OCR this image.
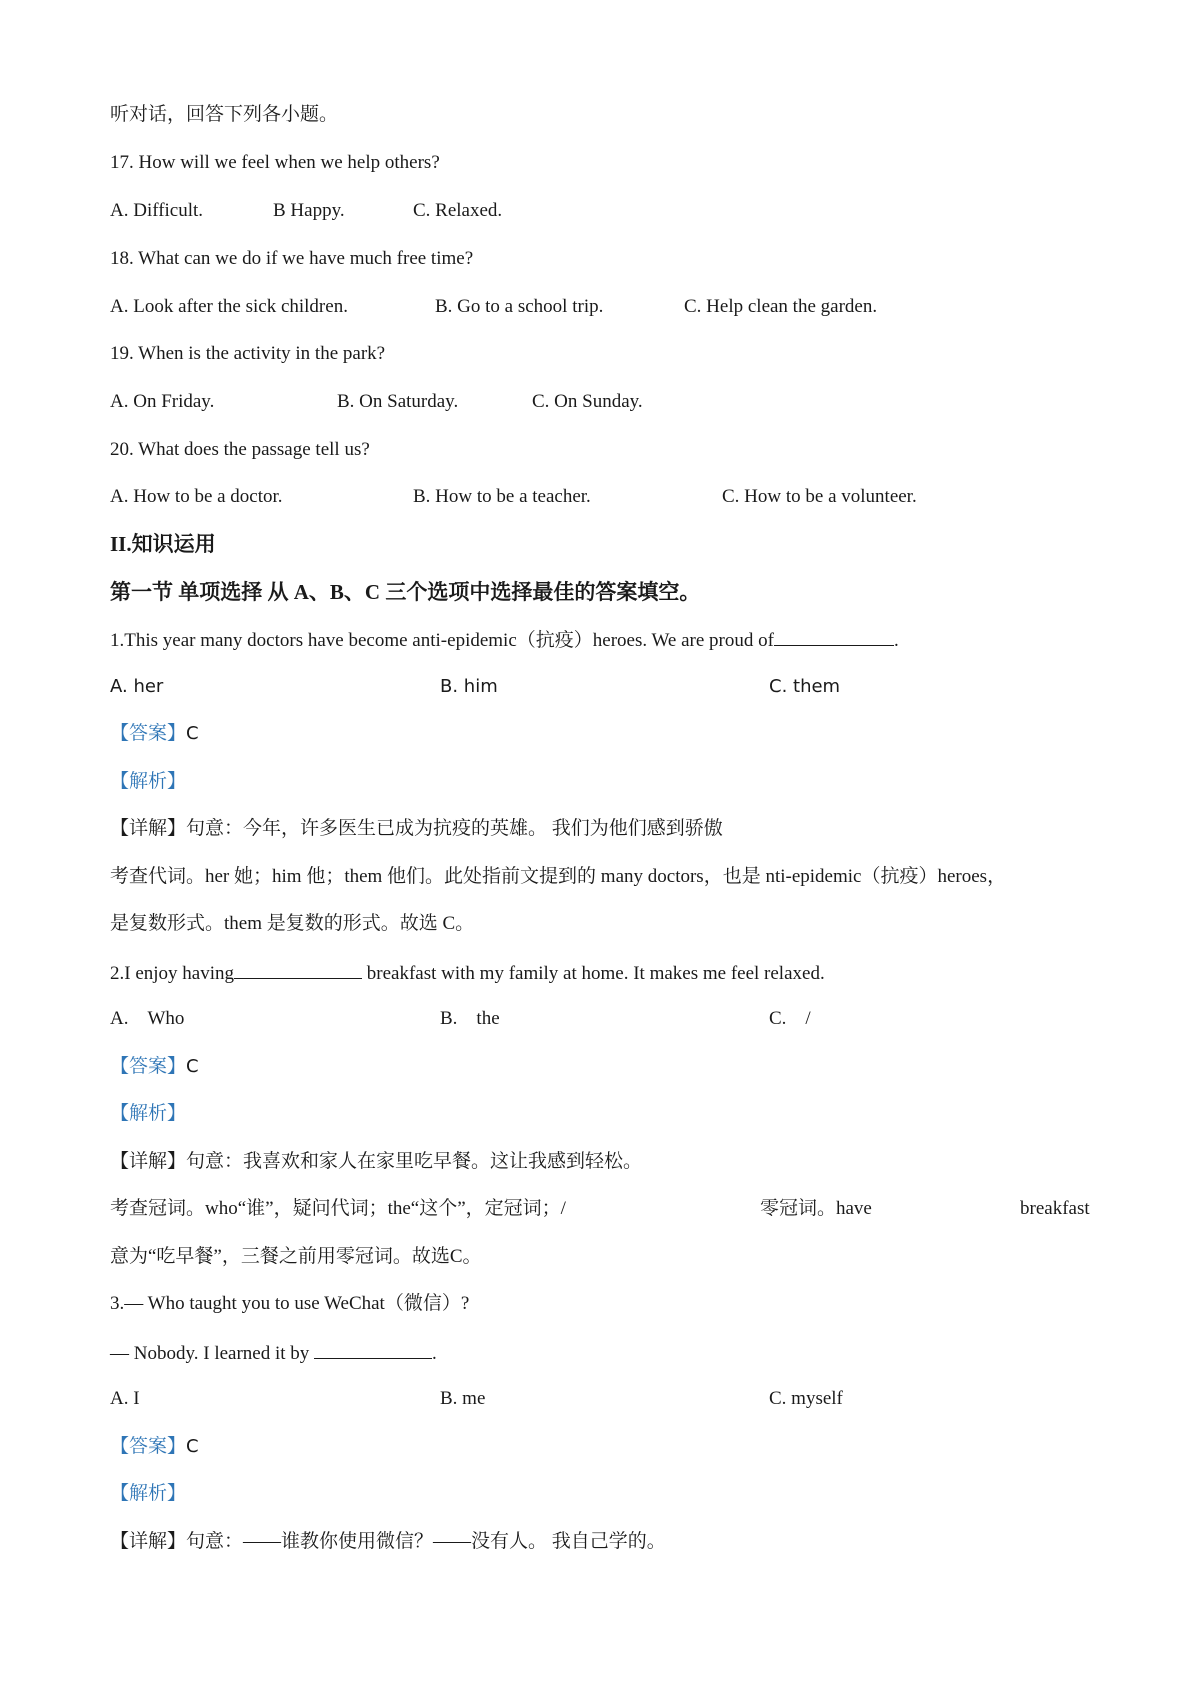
听对话，回答下列各小题。
17. How will we feel when we help others?
A. Difficult.	B Happy.	C. Relaxed.
18. What can we do if we have much free time?
A. Look after the sick children.	B. Go to a school trip.	C. Help clean the garden.
19. When is the activity in the park?
A. On Friday.	B. On Saturday.	C. On Sunday.
20. What does the passage tell us?
A. How to be a doctor.	B. How to be a teacher.	C. How to be a volunteer.
II.知识运用
第一节 单项选择 从 A、B、C 三个选项中选择最佳的答案填空。
1.This year many doctors have become anti-epidemic（抗疫）heroes. We are proud of	.
A. her	B. him	C. them
【答案】C
【解析】
【详解】句意：今年，许多医生已成为抗疫的英雄。 我们为他们感到骄傲
考查代词。her 她；him 他；them 他们。此处指前文提到的 many doctors，也是 nti-epidemic（抗疫）heroes，
是复数形式。them 是复数的形式。故选 C。
2.I enjoy having	breakfast with my family at home. It makes me feel relaxed.
A.　Who	B.　the	C.　/
【答案】C
【解析】
【详解】句意：我喜欢和家人在家里吃早餐。这让我感到轻松。
考查冠词。who“谁”，疑问代词；the“这个”，定冠词；/	零冠词。have	breakfast
意为“吃早餐”，三餐之前用零冠词。故选C。
3.— Who taught you to use WeChat（微信）?
— Nobody. I learned it by	.
A. I	B. me	C. myself
【答案】C
【解析】
【详解】句意：——谁教你使用微信？——没有人。 我自己学的。
